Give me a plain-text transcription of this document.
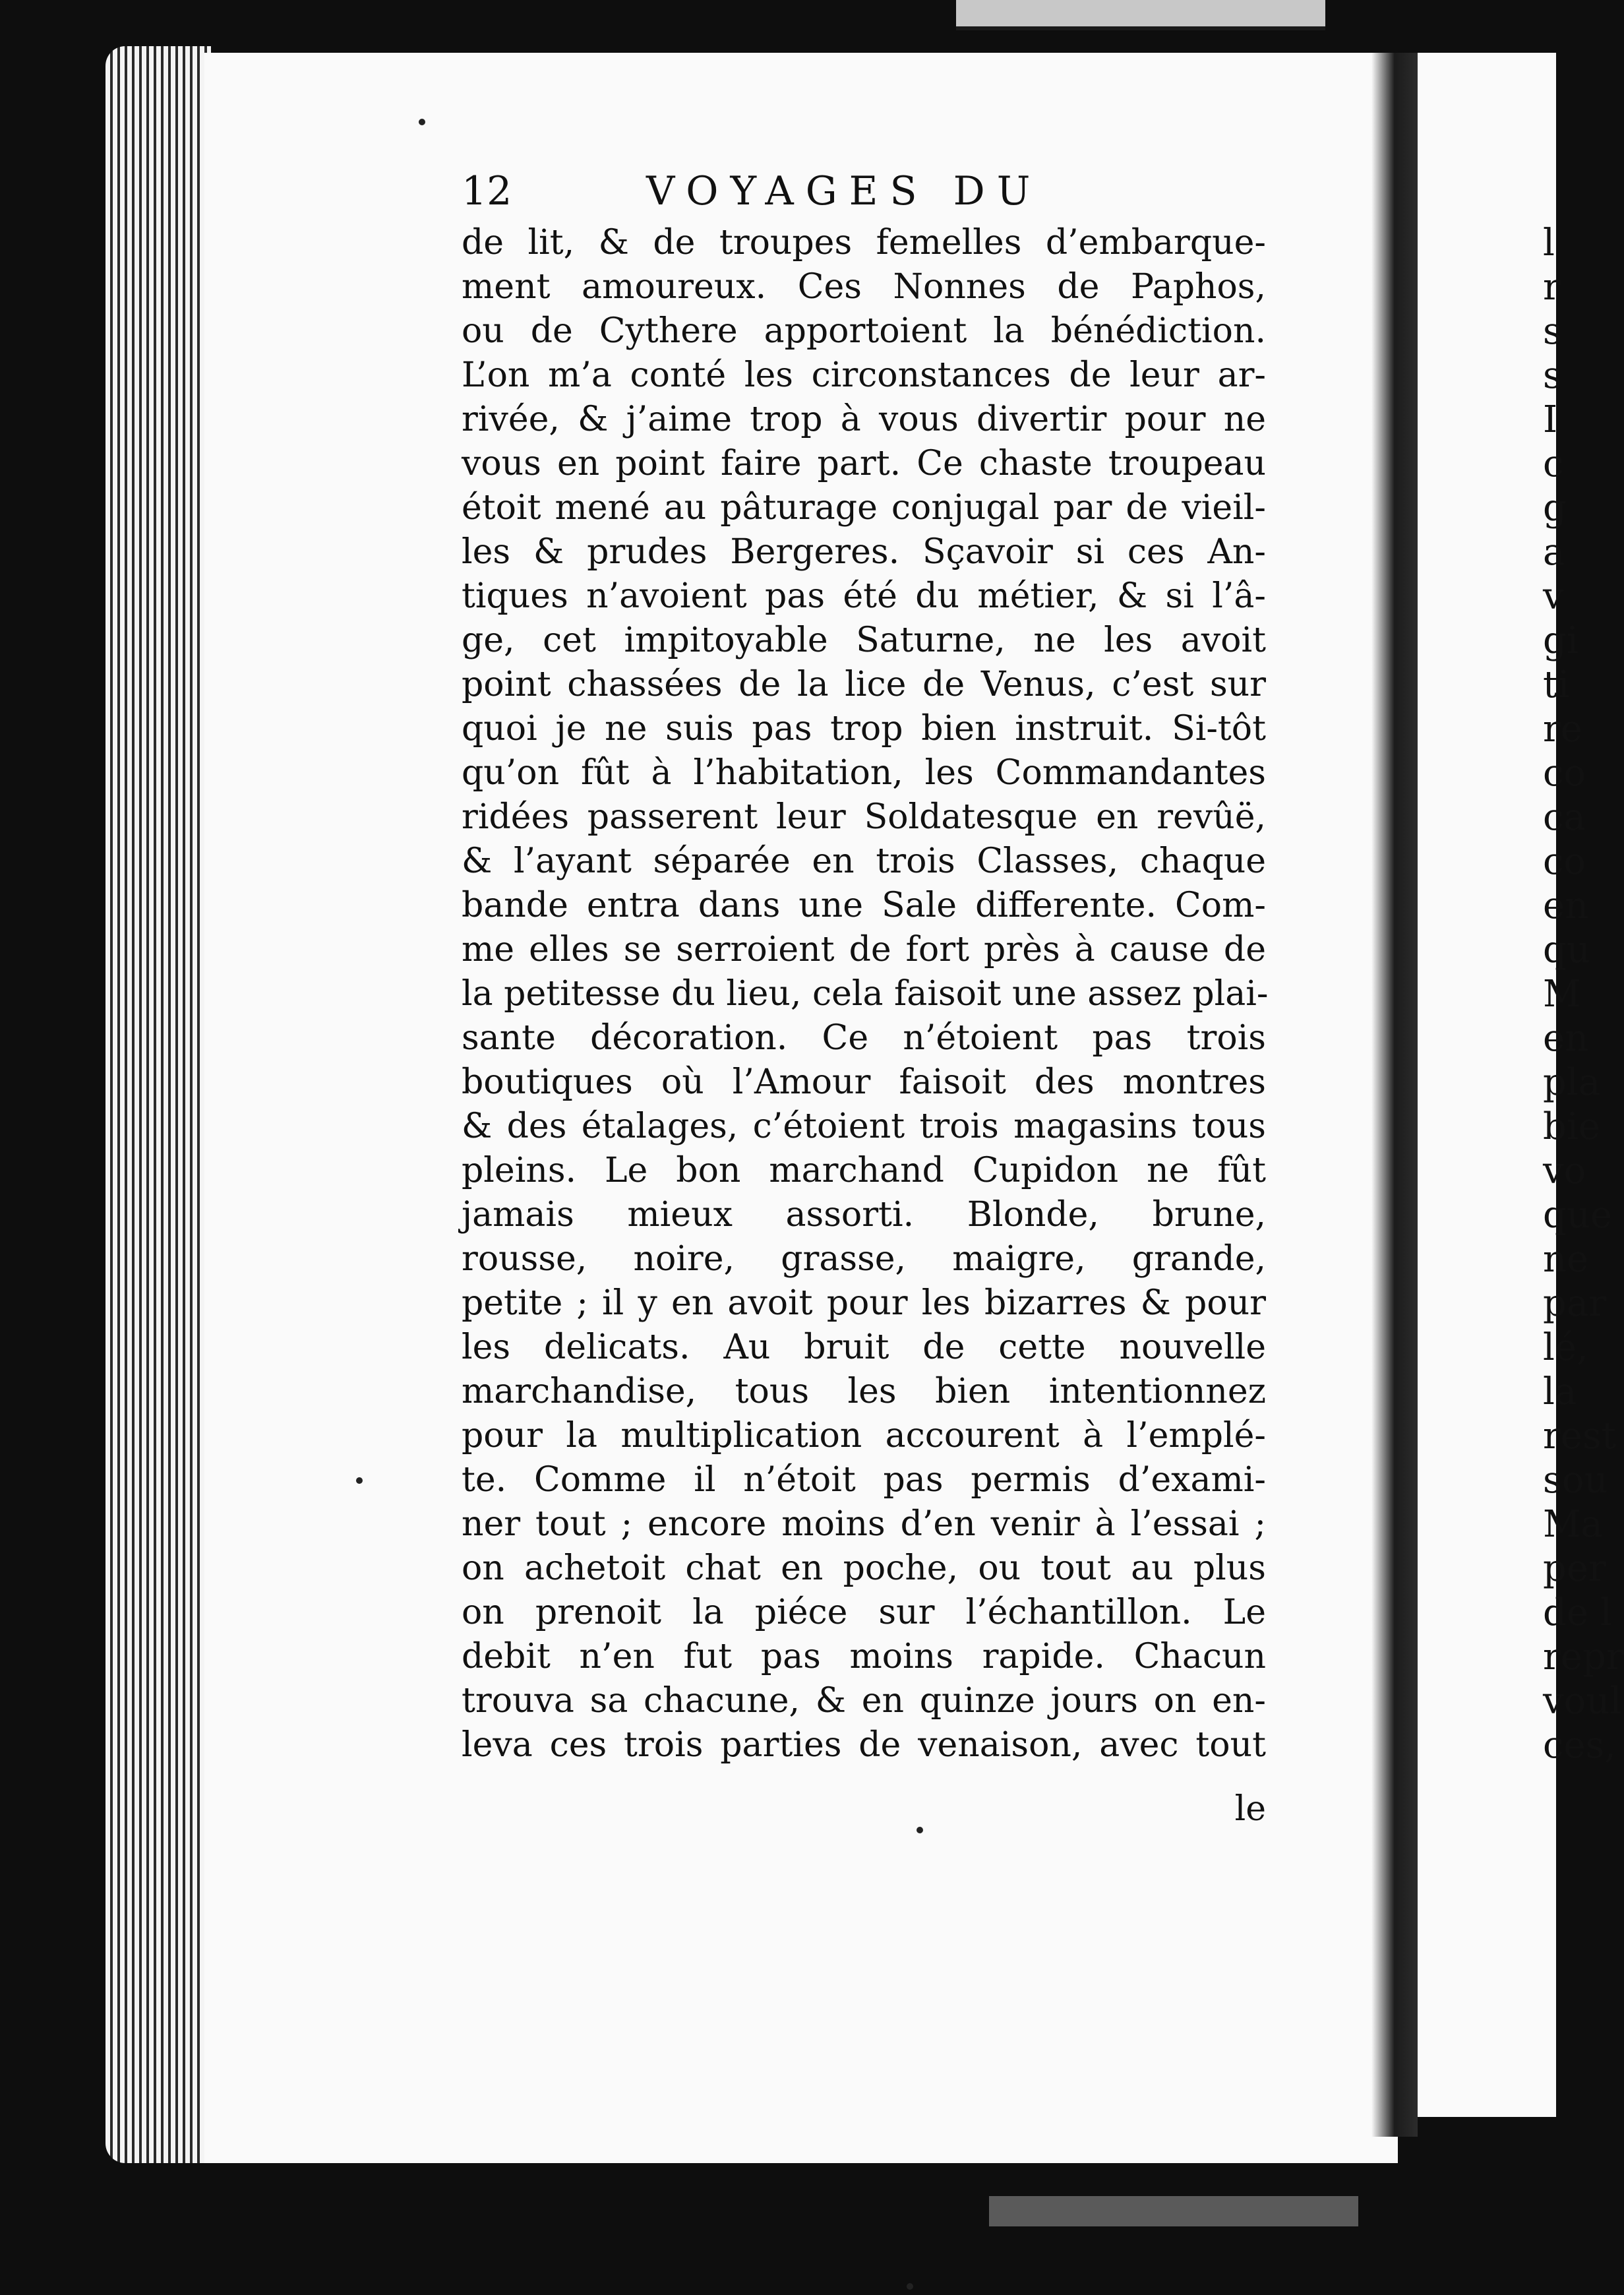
l
r
s
s
I
c
g
a
v
gi
ti
re
co
ca
co
en
qu
M
en
pla
bie
vo
que
ne
par
lé,
la
rest
sou
Ma
per
de l
repr
voul
ces,
12	VOYAGES DU
de lit, & de troupes femelles d’embarque-
ment amoureux. Ces Nonnes de Paphos,
ou de Cythere apportoient la bénédiction.
L’on m’a conté les circonstances de leur ar-
rivée, & j’aime trop à vous divertir pour ne
vous en point faire part. Ce chaste troupeau
étoit mené au pâturage conjugal par de vieil-
les & prudes Bergeres. Sçavoir si ces An-
tiques n’avoient pas été du métier, & si l’â-
ge, cet impitoyable Saturne, ne les avoit
point chassées de la lice de Venus, c’est sur
quoi je ne suis pas trop bien instruit. Si-tôt
qu’on fût à l’habitation, les Commandantes
ridées passerent leur Soldatesque en revûë,
& l’ayant séparée en trois Classes, chaque
bande entra dans une Sale differente. Com-
me elles se serroient de fort près à cause de
la petitesse du lieu, cela faisoit une assez plai-
sante décoration. Ce n’étoient pas trois
boutiques où l’Amour faisoit des montres
& des étalages, c’étoient trois magasins tous
pleins. Le bon marchand Cupidon ne fût
jamais mieux assorti. Blonde, brune,
rousse, noire, grasse, maigre, grande,
petite ; il y en avoit pour les bizarres & pour
les delicats. Au bruit de cette nouvelle
marchandise, tous les bien intentionnez
pour la multiplication accourent à l’emplé-
te. Comme il n’étoit pas permis d’exami-
ner tout ; encore moins d’en venir à l’essai ;
on achetoit chat en poche, ou tout au plus
on prenoit la piéce sur l’échantillon. Le
debit n’en fut pas moins rapide. Chacun
trouva sa chacune, & en quinze jours on en-
leva ces trois parties de venaison, avec tout
le
